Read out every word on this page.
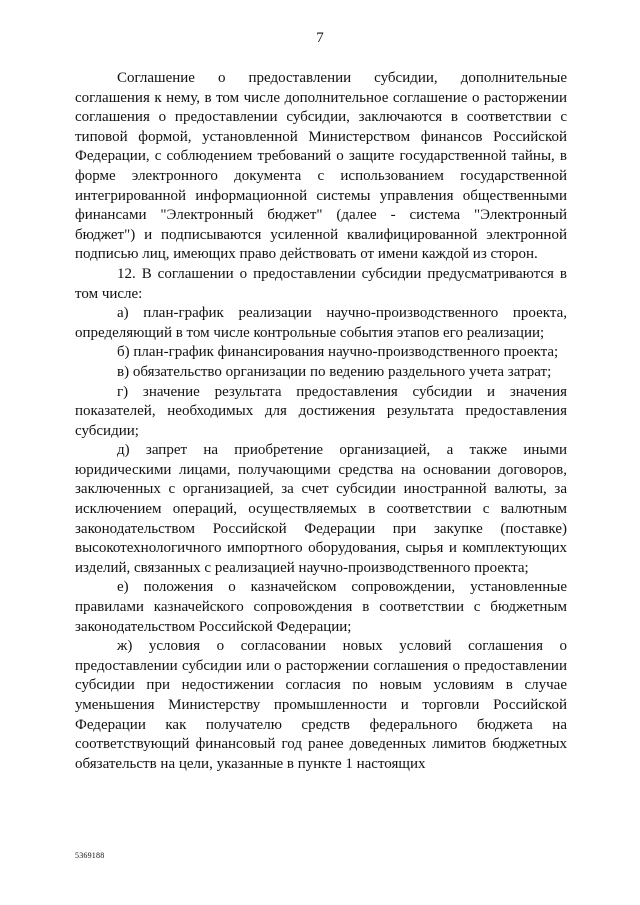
7

Соглашение о предоставлении субсидии, дополнительные соглашения к нему, в том числе дополнительное соглашение о расторжении соглашения о предоставлении субсидии, заключаются в соответствии с типовой формой, установленной Министерством финансов Российской Федерации, с соблюдением требований о защите государственной тайны, в форме электронного документа с использованием государственной интегрированной информационной системы управления общественными финансами "Электронный бюджет" (далее - система "Электронный бюджет") и подписываются усиленной квалифицированной электронной подписью лиц, имеющих право действовать от имени каждой из сторон.

12. В соглашении о предоставлении субсидии предусматриваются в том числе:

а) план-график реализации научно-производственного проекта, определяющий в том числе контрольные события этапов его реализации;

б) план-график финансирования научно-производственного проекта;

в) обязательство организации по ведению раздельного учета затрат;

г) значение результата предоставления субсидии и значения показателей, необходимых для достижения результата предоставления субсидии;

д) запрет на приобретение организацией, а также иными юридическими лицами, получающими средства на основании договоров, заключенных с организацией, за счет субсидии иностранной валюты, за исключением операций, осуществляемых в соответствии с валютным законодательством Российской Федерации при закупке (поставке) высокотехнологичного импортного оборудования, сырья и комплектующих изделий, связанных с реализацией научно-производственного проекта;

е) положения о казначейском сопровождении, установленные правилами казначейского сопровождения в соответствии с бюджетным законодательством Российской Федерации;

ж) условия о согласовании новых условий соглашения о предоставлении субсидии или о расторжении соглашения о предоставлении субсидии при недостижении согласия по новым условиям в случае уменьшения Министерству промышленности и торговли Российской Федерации как получателю средств федерального бюджета на соответствующий финансовый год ранее доведенных лимитов бюджетных обязательств на цели, указанные в пункте 1 настоящих

5369188
